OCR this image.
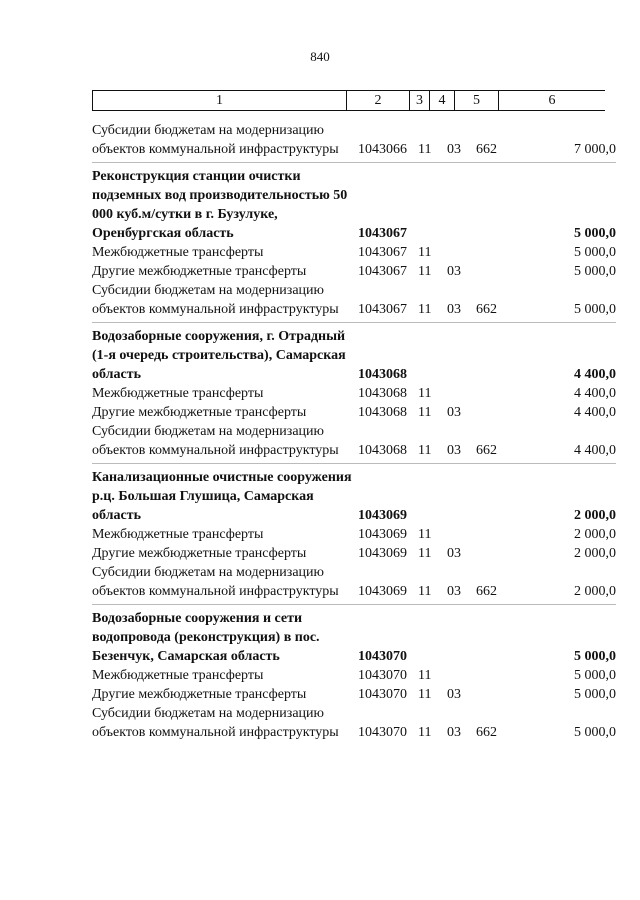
840
1	2	3	4	5	6
Субсидии бюджетам на модернизацию объектов коммунальной инфраструктуры	1043066 11 03 662	7 000,0
Реконструкция станции очистки подземных вод производительностью 50 000 куб.м/сутки в г. Бузулуке, Оренбургская область	1043067	5 000,0
Межбюджетные трансферты	1043067 11	5 000,0
Другие межбюджетные трансферты	1043067 11 03	5 000,0
Субсидии бюджетам на модернизацию объектов коммунальной инфраструктуры	1043067 11 03 662	5 000,0
Водозаборные сооружения, г. Отрадный (1-я очередь строительства), Самарская область	1043068	4 400,0
Межбюджетные трансферты	1043068 11	4 400,0
Другие межбюджетные трансферты	1043068 11 03	4 400,0
Субсидии бюджетам на модернизацию объектов коммунальной инфраструктуры	1043068 11 03 662	4 400,0
Канализационные очистные сооружения р.ц. Большая Глушица, Самарская область	1043069	2 000,0
Межбюджетные трансферты	1043069 11	2 000,0
Другие межбюджетные трансферты	1043069 11 03	2 000,0
Субсидии бюджетам на модернизацию объектов коммунальной инфраструктуры	1043069 11 03 662	2 000,0
Водозаборные сооружения и сети водопровода (реконструкция) в пос. Безенчук, Самарская область	1043070	5 000,0
Межбюджетные трансферты	1043070 11	5 000,0
Другие межбюджетные трансферты	1043070 11 03	5 000,0
Субсидии бюджетам на модернизацию объектов коммунальной инфраструктуры	1043070 11 03 662	5 000,0
